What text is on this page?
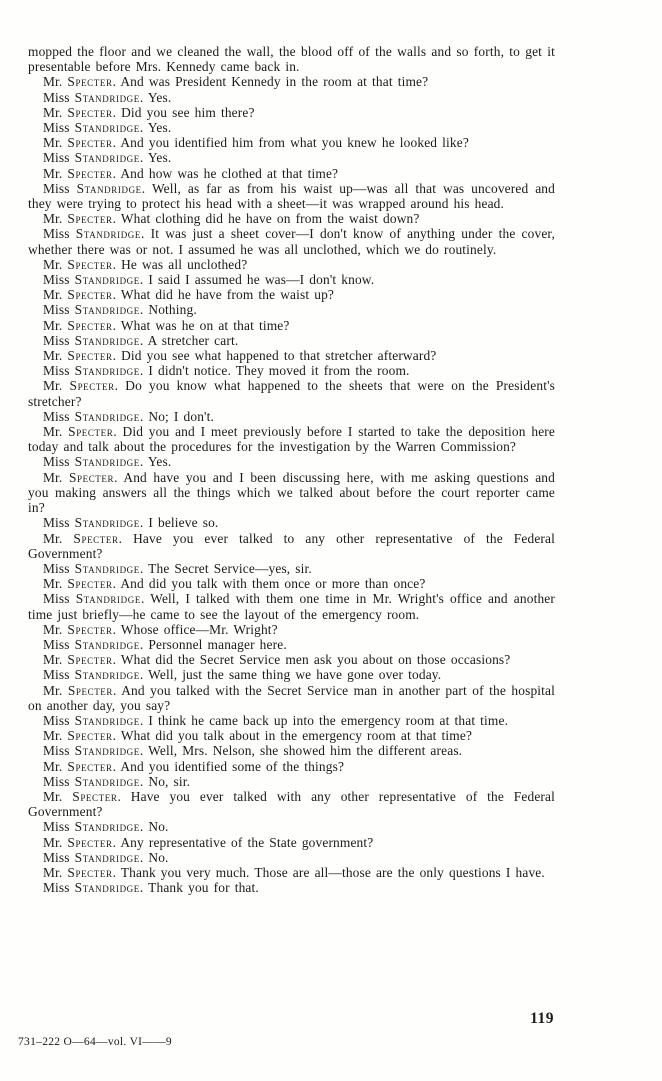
mopped the floor and we cleaned the wall, the blood off of the walls and so forth, to get it presentable before Mrs. Kennedy came back in.

Mr. Specter. And was President Kennedy in the room at that time?

Miss Standridge. Yes.

Mr. Specter. Did you see him there?

Miss Standridge. Yes.

Mr. Specter. And you identified him from what you knew he looked like?

Miss Standridge. Yes.

Mr. Specter. And how was he clothed at that time?

Miss Standridge. Well, as far as from his waist up—was all that was uncovered and they were trying to protect his head with a sheet—it was wrapped around his head.

Mr. Specter. What clothing did he have on from the waist down?

Miss Standridge. It was just a sheet cover—I don't know of anything under the cover, whether there was or not. I assumed he was all unclothed, which we do routinely.

Mr. Specter. He was all unclothed?

Miss Standridge. I said I assumed he was—I don't know.

Mr. Specter. What did he have from the waist up?

Miss Standridge. Nothing.

Mr. Specter. What was he on at that time?

Miss Standridge. A stretcher cart.

Mr. Specter. Did you see what happened to that stretcher afterward?

Miss Standridge. I didn't notice. They moved it from the room.

Mr. Specter. Do you know what happened to the sheets that were on the President's stretcher?

Miss Standridge. No; I don't.

Mr. Specter. Did you and I meet previously before I started to take the deposition here today and talk about the procedures for the investigation by the Warren Commission?

Miss Standridge. Yes.

Mr. Specter. And have you and I been discussing here, with me asking questions and you making answers all the things which we talked about before the court reporter came in?

Miss Standridge. I believe so.

Mr. Specter. Have you ever talked to any other representative of the Federal Government?

Miss Standridge. The Secret Service—yes, sir.

Mr. Specter. And did you talk with them once or more than once?

Miss Standridge. Well, I talked with them one time in Mr. Wright's office and another time just briefly—he came to see the layout of the emergency room.

Mr. Specter. Whose office—Mr. Wright?

Miss Standridge. Personnel manager here.

Mr. Specter. What did the Secret Service men ask you about on those occasions?

Miss Standridge. Well, just the same thing we have gone over today.

Mr. Specter. And you talked with the Secret Service man in another part of the hospital on another day, you say?

Miss Standridge. I think he came back up into the emergency room at that time.

Mr. Specter. What did you talk about in the emergency room at that time?

Miss Standridge. Well, Mrs. Nelson, she showed him the different areas.

Mr. Specter. And you identified some of the things?

Miss Standridge. No, sir.

Mr. Specter. Have you ever talked with any other representative of the Federal Government?

Miss Standridge. No.

Mr. Specter. Any representative of the State government?

Miss Standridge. No.

Mr. Specter. Thank you very much. Those are all—those are the only questions I have.

Miss Standridge. Thank you for that.

119
731–222 O—64—vol. VI——9
